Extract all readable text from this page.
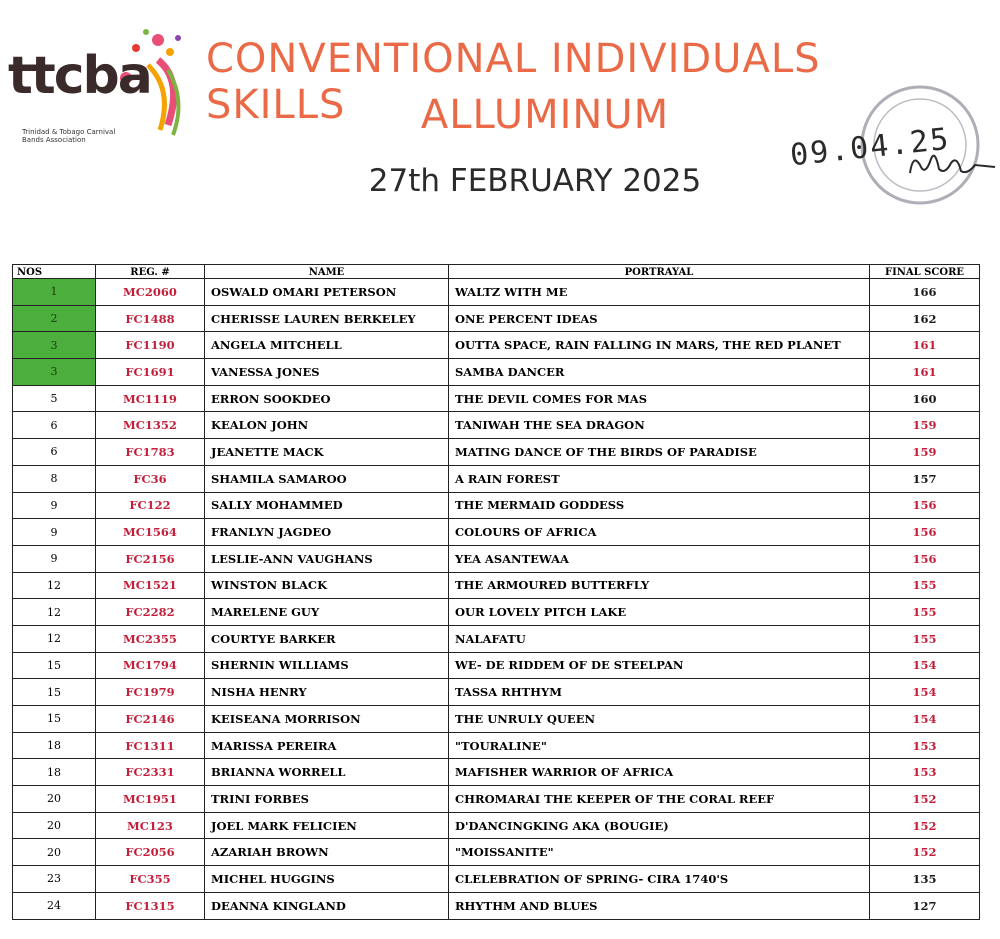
ttcba
Trinidad & Tobago Carnival Bands Association
CONVENTIONAL INDIVIDUALS SKILLS	ALLUMINUM
27th FEBRUARY 2025
09.04.25
NOS	REG. #	NAME	PORTRAYAL	FINAL SCORE
1	MC2060	OSWALD OMARI PETERSON	WALTZ WITH ME	166
2	FC1488	CHERISSE LAUREN BERKELEY	ONE PERCENT IDEAS	162
3	FC1190	ANGELA MITCHELL	OUTTA SPACE, RAIN FALLING IN MARS, THE RED PLANET	161
3	FC1691	VANESSA JONES	SAMBA DANCER	161
5	MC1119	ERRON SOOKDEO	THE DEVIL COMES FOR MAS	160
6	MC1352	KEALON JOHN	TANIWAH THE SEA DRAGON	159
6	FC1783	JEANETTE MACK	MATING DANCE OF THE BIRDS OF PARADISE	159
8	FC36	SHAMILA SAMAROO	A RAIN FOREST	157
9	FC122	SALLY MOHAMMED	THE MERMAID GODDESS	156
9	MC1564	FRANLYN JAGDEO	COLOURS OF AFRICA	156
9	FC2156	LESLIE-ANN VAUGHANS	YEA ASANTEWAA	156
12	MC1521	WINSTON BLACK	THE ARMOURED BUTTERFLY	155
12	FC2282	MARELENE GUY	OUR LOVELY PITCH LAKE	155
12	MC2355	COURTYE BARKER	NALAFATU	155
15	MC1794	SHERNIN WILLIAMS	WE- DE RIDDEM OF DE STEELPAN	154
15	FC1979	NISHA HENRY	TASSA RHTHYM	154
15	FC2146	KEISEANA MORRISON	THE UNRULY QUEEN	154
18	FC1311	MARISSA PEREIRA	"TOURALINE"	153
18	FC2331	BRIANNA WORRELL	MAFISHER WARRIOR OF AFRICA	153
20	MC1951	TRINI FORBES	CHROMARAI THE KEEPER OF THE CORAL REEF	152
20	MC123	JOEL MARK FELICIEN	D'DANCINGKING AKA (BOUGIE)	152
20	FC2056	AZARIAH BROWN	"MOISSANITE"	152
23	FC355	MICHEL HUGGINS	CLELEBRATION OF SPRING- CIRA 1740'S	135
24	FC1315	DEANNA KINGLAND	RHYTHM AND BLUES	127
